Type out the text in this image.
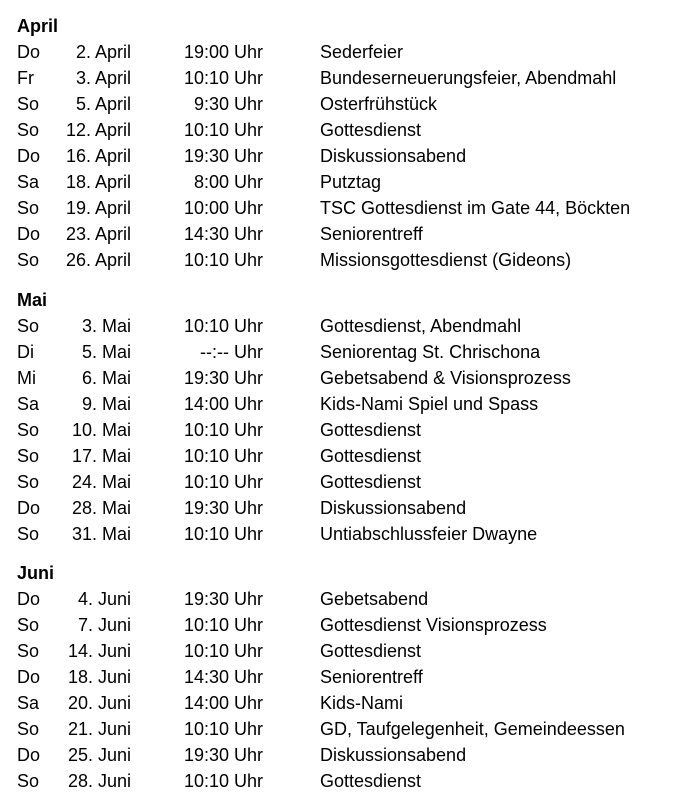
April
Do 2. April	19:00 Uhr	Sederfeier
Fr 3. April	10:10 Uhr	Bundeserneuerungsfeier, Abendmahl
So 5. April	9:30 Uhr	Osterfrühstück
So 12. April	10:10 Uhr	Gottesdienst
Do 16. April	19:30 Uhr	Diskussionsabend
Sa 18. April	8:00 Uhr	Putztag
So 19. April	10:00 Uhr	TSC Gottesdienst im Gate 44, Böckten
Do 23. April	14:30 Uhr	Seniorentreff
So 26. April	10:10 Uhr	Missionsgottesdienst (Gideons)
Mai
So 3. Mai	10:10 Uhr	Gottesdienst, Abendmahl
Di	5. Mai	--:-- Uhr	Seniorentag St. Chrischona
Mi	6. Mai	19:30 Uhr	Gebetsabend & Visionsprozess
Sa 9. Mai	14:00 Uhr	Kids-Nami Spiel und Spass
So 10. Mai	10:10 Uhr	Gottesdienst
So 17. Mai	10:10 Uhr	Gottesdienst
So 24. Mai	10:10 Uhr	Gottesdienst
Do 28. Mai	19:30 Uhr	Diskussionsabend
So 31. Mai	10:10 Uhr	Untiabschlussfeier Dwayne
Juni
Do 4. Juni	19:30 Uhr	Gebetsabend
So 7. Juni	10:10 Uhr	Gottesdienst Visionsprozess
So 14. Juni	10:10 Uhr	Gottesdienst
Do 18. Juni	14:30 Uhr	Seniorentreff
Sa 20. Juni	14:00 Uhr	Kids-Nami
So 21. Juni	10:10 Uhr	GD, Taufgelegenheit, Gemeindeessen
Do 25. Juni	19:30 Uhr	Diskussionsabend
So 28. Juni	10:10 Uhr	Gottesdienst
